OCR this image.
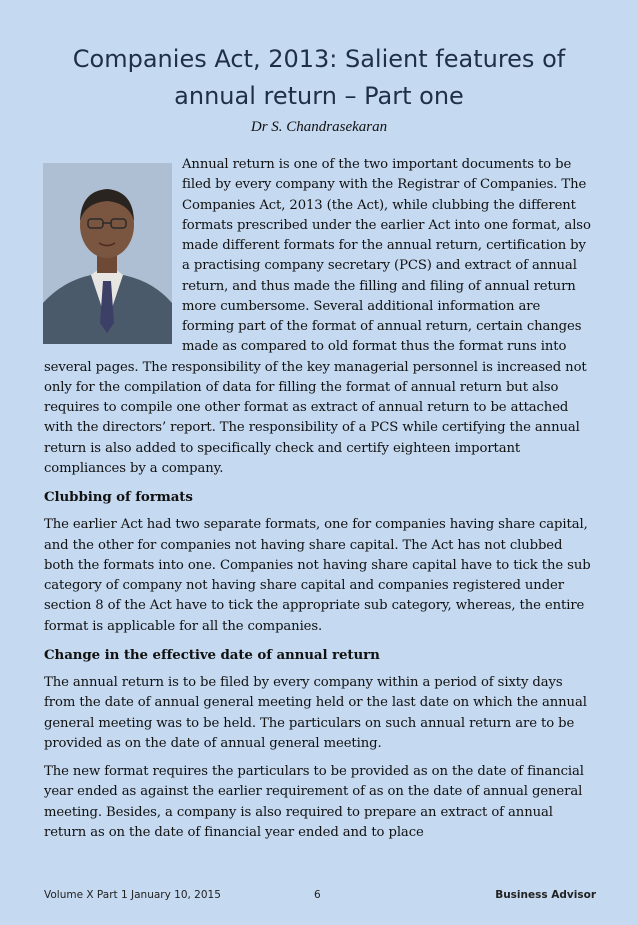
Companies Act, 2013: Salient features of annual return – Part one

Dr S. Chandrasekaran

Annual return is one of the two important documents to be filed by every company with the Registrar of Companies. The Companies Act, 2013 (the Act), while clubbing the different formats prescribed under the earlier Act into one format, also made different formats for the annual return, certification by a practising company secretary (PCS) and extract of annual return, and thus made the filling and filing of annual return more cumbersome. Several additional information are forming part of the format of annual return, certain changes made as compared to old format thus the format runs into several pages. The responsibility of the key managerial personnel is increased not only for the compilation of data for filling the format of annual return but also requires to compile one other format as extract of annual return to be attached with the directors’ report. The responsibility of a PCS while certifying the annual return is also added to specifically check and certify eighteen important compliances by a company.

Clubbing of formats

The earlier Act had two separate formats, one for companies having share capital, and the other for companies not having share capital. The Act has not clubbed both the formats into one. Companies not having share capital have to tick the sub category of company not having share capital and companies registered under section 8 of the Act have to tick the appropriate sub category, whereas, the entire format is applicable for all the companies.

Change in the effective date of annual return

The annual return is to be filed by every company within a period of sixty days from the date of annual general meeting held or the last date on which the annual general meeting was to be held. The particulars on such annual return are to be provided as on the date of annual general meeting.

The new format requires the particulars to be provided as on the date of financial year ended as against the earlier requirement of as on the date of annual general meeting. Besides, a company is also required to prepare an extract of annual return as on the date of financial year ended and to place

Volume X Part 1 January 10, 2015	6	Business Advisor
